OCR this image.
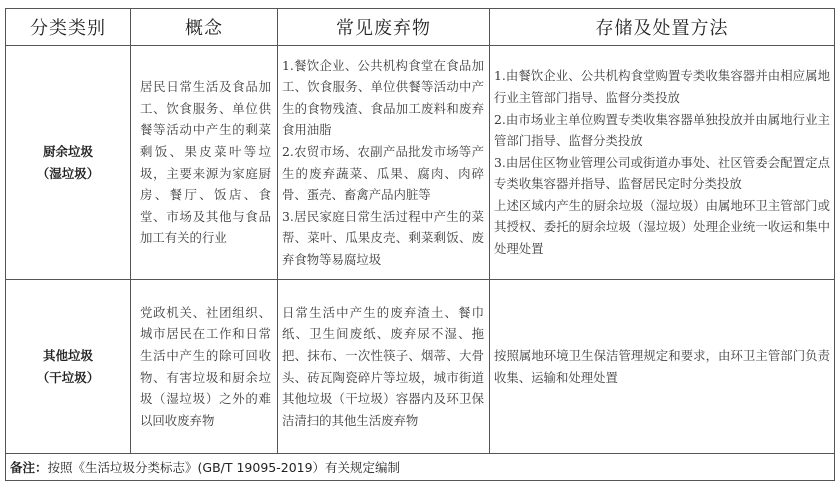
分类类别	概念	常见废弃物	存储及处置方法

厨余垃圾
（湿垃圾）	居民日常生活及食品加工、饮食服务、单位供餐等活动中产生的剩菜剩饭、果皮菜叶等垃圾，主要来源为家庭厨房、餐厅、饭店、食堂、市场及其他与食品加工有关的行业	1.餐饮企业、公共机构食堂在食品加工、饮食服务、单位供餐等活动中产生的食物残渣、食品加工废料和废弃食用油脂
2.农贸市场、农副产品批发市场等产生的废弃蔬菜、瓜果、腐肉、肉碎骨、蛋壳、畜禽产品内脏等
3.居民家庭日常生活过程中产生的菜帮、菜叶、瓜果皮壳、剩菜剩饭、废弃食物等易腐垃圾	1.由餐饮企业、公共机构食堂购置专类收集容器并由相应属地行业主管部门指导、监督分类投放
2.由市场业主单位购置专类收集容器单独投放并由属地行业主管部门指导、监督分类投放
3.由居住区物业管理公司或街道办事处、社区管委会配置定点专类收集容器并指导、监督居民定时分类投放
上述区域内产生的厨余垃圾（湿垃圾）由属地环卫主管部门或其授权、委托的厨余垃圾（湿垃圾）处理企业统一收运和集中处理处置

其他垃圾
（干垃圾）	党政机关、社团组织、城市居民在工作和日常生活中产生的除可回收物、有害垃圾和厨余垃圾（湿垃圾）之外的难以回收废弃物	日常生活中产生的废弃渣土、餐巾纸、卫生间废纸、废弃尿不湿、拖把、抹布、一次性筷子、烟蒂、大骨头、砖瓦陶瓷碎片等垃圾，城市街道其他垃圾（干垃圾）容器内及环卫保洁清扫的其他生活废弃物	按照属地环境卫生保洁管理规定和要求，由环卫主管部门负责收集、运输和处理处置

备注：按照《生活垃圾分类标志》(GB/T 19095-2019）有关规定编制			
